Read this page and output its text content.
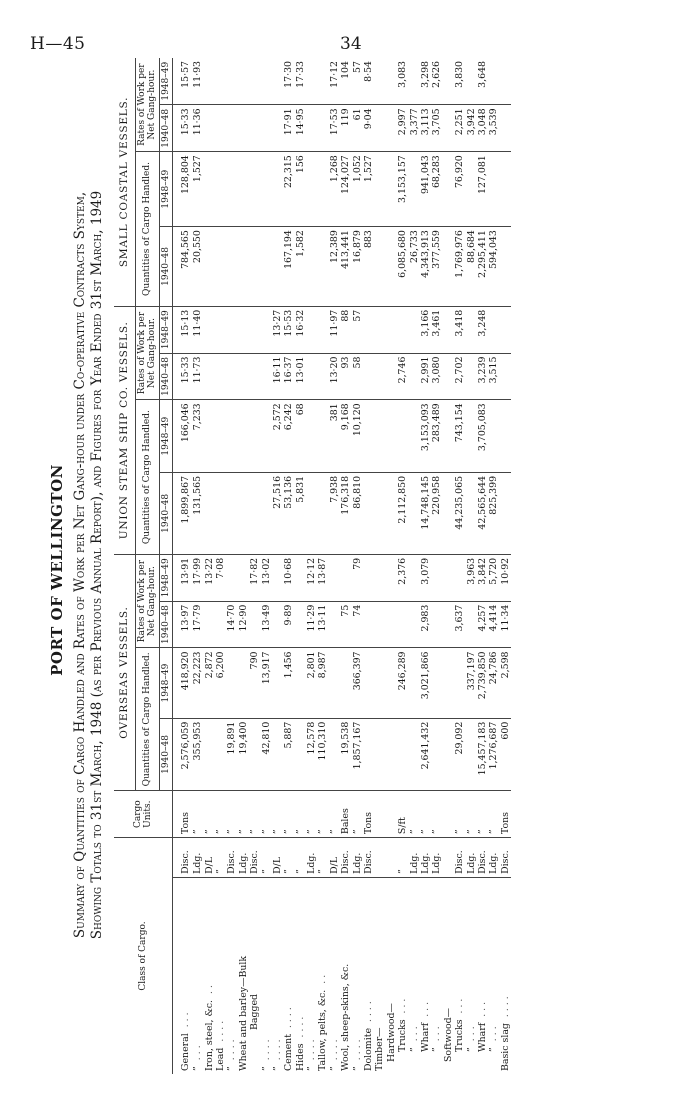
H—45	34
PORT OF WELLINGTON Summary of Quantities of Cargo Handled and Rates of Work per Net Gang-hour under Co-operative Contracts System, Showing Totals to 31st March, 1948 (as per Previous Annual Report), and Figures for Year Ended 31st March, 1949
Class of Cargo.		Cargo Units.	OVERSEAS VESSELS.				UNION STEAM SHIP CO. VESSELS.				SMALL COASTAL VESSELS.			
			Quantities of Cargo Handled.		Rates of Work per Net Gang-hour.		Quantities of Cargo Handled.		Rates of Work per Net Gang-hour.		Quantities of Cargo Handled.		Rates of Work per Net Gang-hour.	
			1940–48	1948–49	1940–48	1948–49	1940–48	1948–49	1940–48	1948–49	1940–48	1948–49	1940–48	1948–49
General. . .	Disc.	Tons	2,576,059	418,920	13·97	13·91	1,899,867	166,046	15·33	15·13	784,565	128,804	15·33	15·57
”. . .	Ldg.	”	355,953	22,223	17·79	17·99	131,565	7,233	11·73	11·40	20,550	1,527	11·36	11·93
Iron, steel, &c.. .	D/L	”		2,872		13·22								
Lead. . . .	”	”		6,200		7·08								
”. . . .	Disc.	”	19,891		14·70									
Wheat and barley—Bulk	Ldg.	”	19,400		12·90									
Bagged	Disc.	”		790		17·82								
”. . . .	”	”	42,810	13,917	13·49	13·02								
”. . . .	D/L	”					27,516	2,572	16·11	13·27				
Cement. . . .	”	”	5,887	1,456	9·89	10·68	53,136	6,242	16·37	15·53	167,194	22,315	17·91	17·30
Hides. . . .	”	”					5,831	68	13·01	16·32	1,582	156	14·95	17·33
”. . . .	Ldg.	”	12,578	2,801	11·29	12·12								
Tallow, pelts, &c.. .	”	”	110,310	8,987	13·11	13·87								
”. . . .	D/L	”					7,938	381	13·20	11·97	12,389	1,268	17·53	17·12
Wool, sheep-skins, &c.	Disc.	Bales	19,538		75		176,318	9,168	93	88	413,441	124,027	119	104
”. . . .	Ldg.	”	1,857,167	366,397	74	79	86,810	10,120	58	57	16,879	1,052	61	57
Dolomite. . . .	Disc.	Tons									883	1,527	9·04	8·54
Timber—														
Hardwood—														
Trucks. . .	”	S/ft		246,289		2,376	2,112,850		2,746		6,085,680	3,153,157	2,997	3,083
”. . .	Ldg.	”									26,733		3,377	
Wharf. . .	Ldg.	”	2,641,432	3,021,866	2,983	3,079	14,748,145	3,153,093	2,991	3,166	4,343,913	941,043	3,113	3,298
”. . .	Ldg.	”					220,958	283,489	3,080	3,461	377,559	68,283	3,705	2,626
Softwood—														
Trucks. . .	Disc.	”	29,092		3,637		44,235,065	743,154	2,702	3,418	1,769,976	76,920	2,251	3,830
”. . .	Ldg.	”		337,197		3,963					88,684		3,942	
Wharf. . .	Disc.	”	15,457,183	2,739,850	4,257	3,842	42,565,644	3,705,083	3,239	3,248	2,295,411	127,081	3,048	3,648
”. . .	Ldg.	”	1,276,687	24,786	4,414	5,720	825,399		3,515		594,043		3,539	
Basic slag. . . .	Disc.	Tons	600	2,598	11·34	10·92								
